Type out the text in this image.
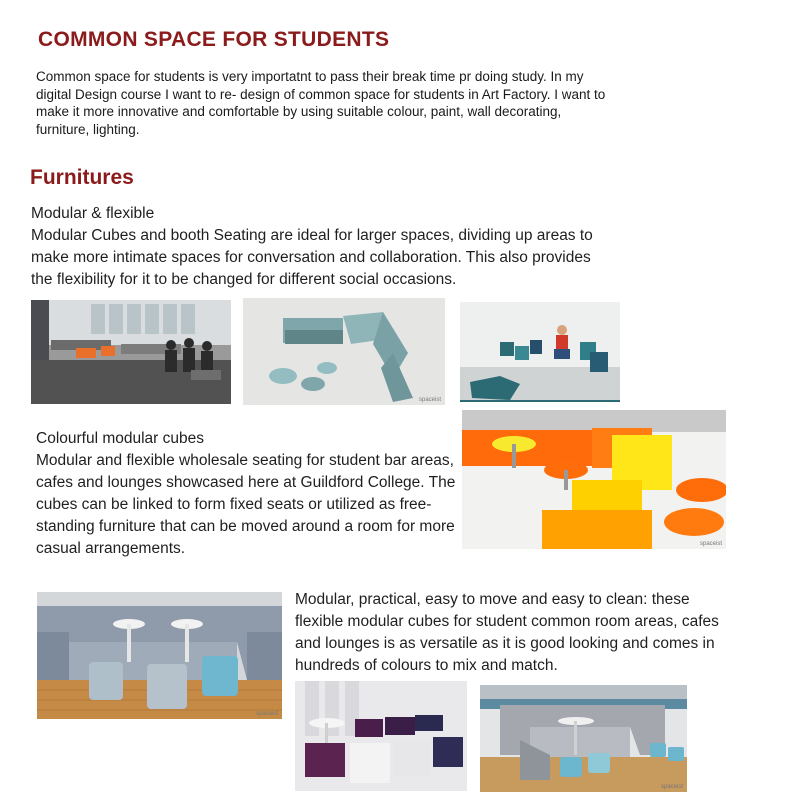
COMMON SPACE FOR STUDENTS
Common space for students is very importatnt to pass their break time pr doing study. In my digital Design course I want to re- design of common space for students in Art Factory. I want to make it more innovative and comfortable by using suitable colour, paint, wall decorating, furniture, lighting.
Furnitures
Modular & flexible
Modular Cubes and booth Seating are ideal for larger spaces, dividing up areas to make more intimate spaces for conversation and collaboration. This also provides the flexibility for it to be changed for different social occasions.
spaceist
Colourful modular cubes
Modular and flexible wholesale seating for student bar areas, cafes and lounges showcased here at Guildford College. The cubes can be linked to form fixed seats or utilized as free-standing furniture that can be moved around a room for more casual arrangements.	spaceist
spaceist
Modular, practical, easy to move and easy to clean: these flexible modular cubes for student common room areas, cafes and lounges is as versatile as it is good looking and comes in hundreds of colours to mix and match.
spaceist
